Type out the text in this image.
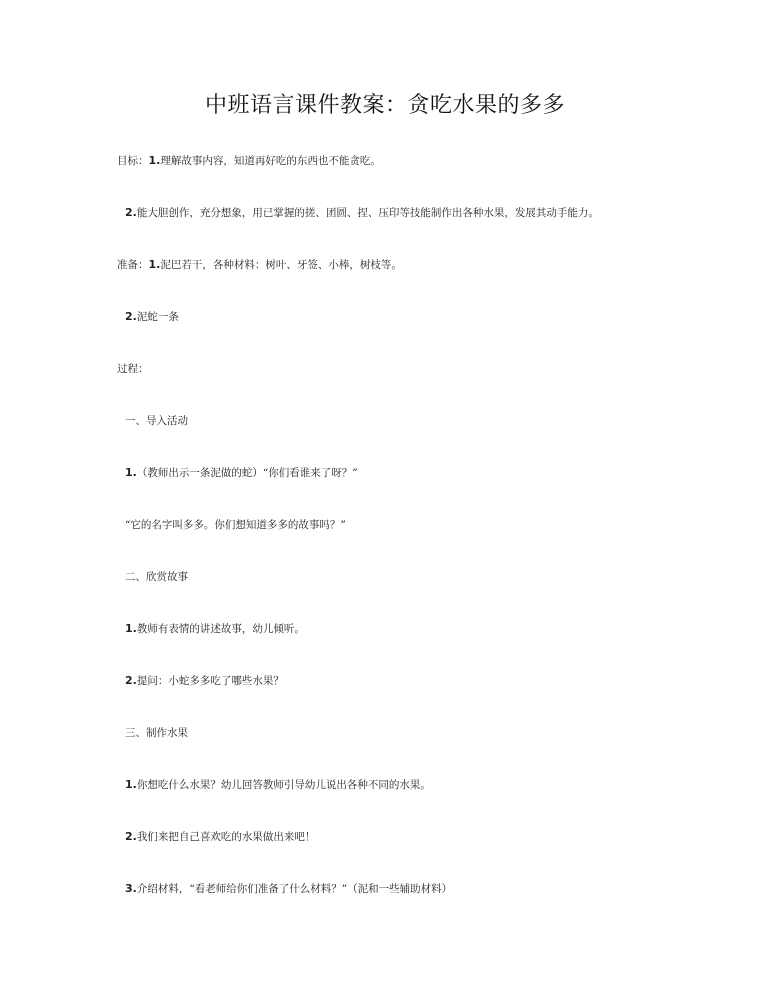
中班语言课件教案：贪吃水果的多多
目标：1.理解故事内容，知道再好吃的东西也不能贪吃。
2.能大胆创作，充分想象，用已掌握的搓、团圆、捏、压印等技能制作出各种水果，发展其动手能力。
准备：1.泥巴若干，各种材料：树叶、牙签、小棒，树枝等。
2.泥蛇一条
过程：
一、导入活动
1.（教师出示一条泥做的蛇）“你们看谁来了呀？”
“它的名字叫多多。你们想知道多多的故事吗？”
二、欣赏故事
1.教师有表情的讲述故事，幼儿倾听。
2.提问：小蛇多多吃了哪些水果？
三、制作水果
1.你想吃什么水果？幼儿回答教师引导幼儿说出各种不同的水果。
2.我们来把自己喜欢吃的水果做出来吧！
3.介绍材料，“看老师给你们准备了什么材料？”（泥和一些辅助材料）
